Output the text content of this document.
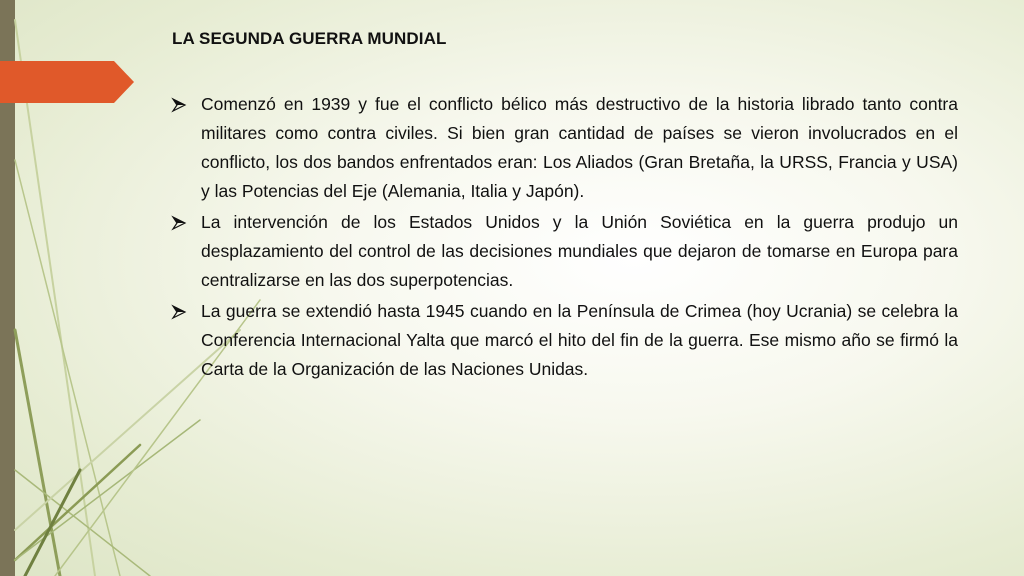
LA SEGUNDA GUERRA MUNDIAL
Comenzó en 1939 y fue el conflicto bélico más destructivo de la historia librado tanto contra militares como contra civiles. Si bien gran cantidad de países se vieron involucrados en el conflicto, los dos bandos enfrentados eran: Los Aliados (Gran Bretaña, la URSS, Francia y USA) y las Potencias del Eje (Alemania, Italia y Japón).
La intervención de los Estados Unidos y la Unión Soviética en la guerra produjo un desplazamiento del control de las decisiones mundiales que dejaron de tomarse en Europa para centralizarse en las dos superpotencias.
La guerra se extendió hasta 1945 cuando en la Península de Crimea (hoy Ucrania) se celebra la Conferencia Internacional Yalta que marcó el hito del fin de la guerra. Ese mismo año se firmó la Carta de la Organización de las Naciones Unidas.
